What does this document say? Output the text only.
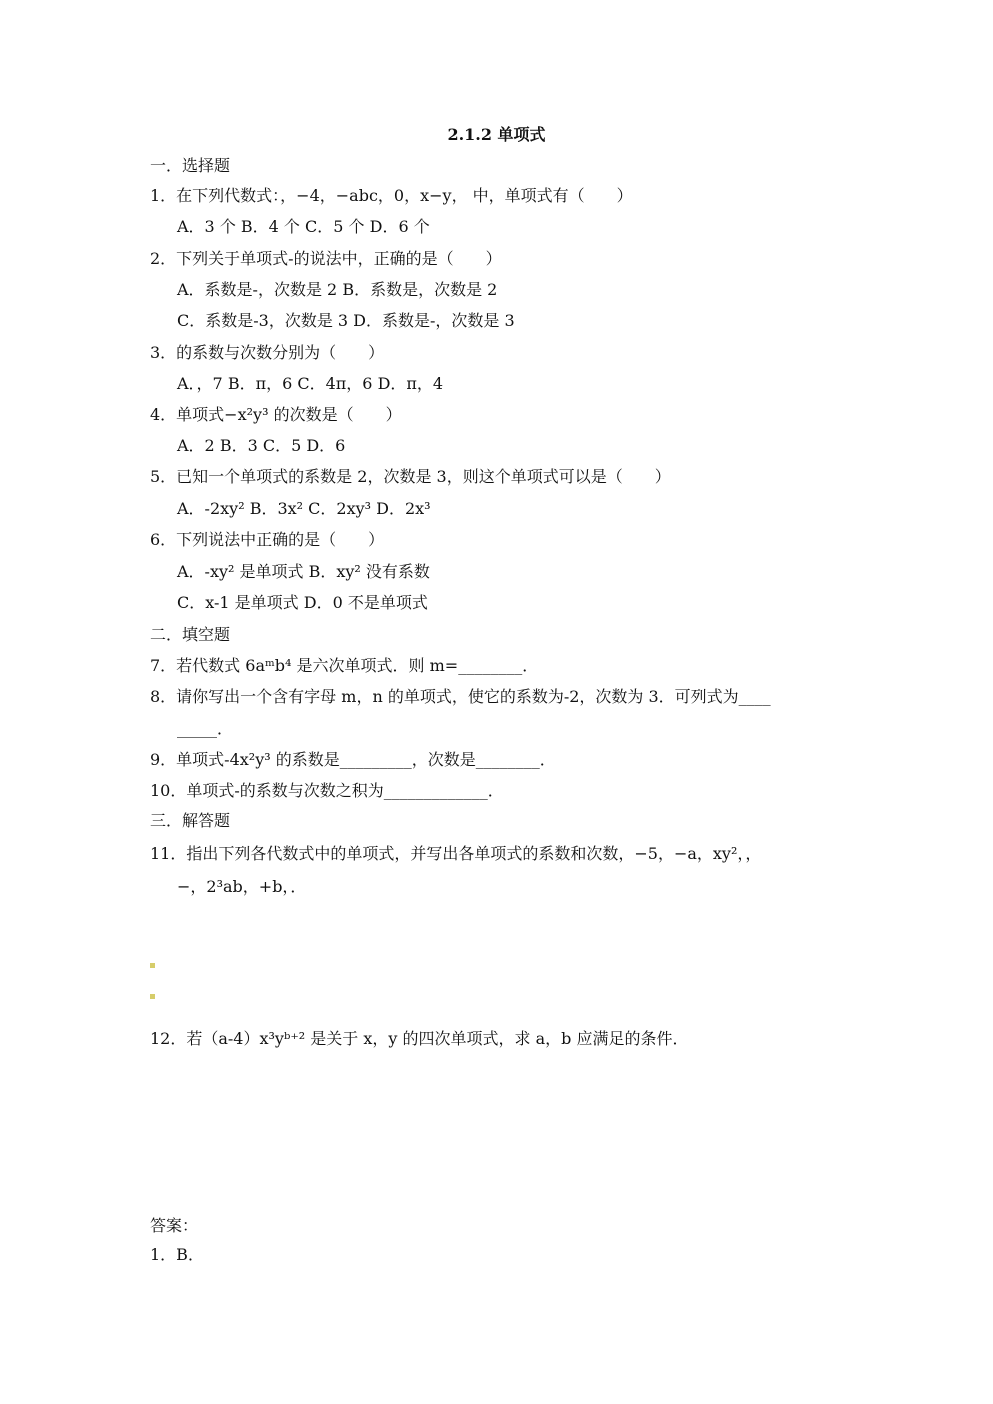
2.1.2 单项式
一．选择题
1．在下列代数式：，−4，−abc，0，x−y， 中，单项式有（　　）
A．3 个 B．4 个 C．5 个 D．6 个
2．下列关于单项式-的说法中，正确的是（　　）
A．系数是-，次数是 2 B．系数是，次数是 2
C．系数是-3，次数是 3 D．系数是-，次数是 3
3．的系数与次数分别为（　　）
A．，7 B．π，6 C．4π，6 D．π，4
4．单项式−x²y³ 的次数是（　　）
A．2 B．3 C．5 D．6
5．已知一个单项式的系数是 2，次数是 3，则这个单项式可以是（　　）
A．-2xy² B．3x² C．2xy³ D．2x³
6．下列说法中正确的是（　　）
A．-xy² 是单项式 B．xy² 没有系数
C．x-1 是单项式 D．0 不是单项式
二．填空题
7．若代数式 6aᵐb⁴ 是六次单项式．则 m=________．
8．请你写出一个含有字母 m，n 的单项式，使它的系数为-2，次数为 3．可列式为____
_____．
9．单项式-4x²y³ 的系数是_________，次数是________．
10．单项式-的系数与次数之积为_____________．
三．解答题
11．指出下列各代数式中的单项式，并写出各单项式的系数和次数，−5，−a，xy²，，
−，2³ab，+b，．
12．若（a-4）x³yᵇ⁺² 是关于 x，y 的四次单项式，求 a，b 应满足的条件．
答案：
1．B．
